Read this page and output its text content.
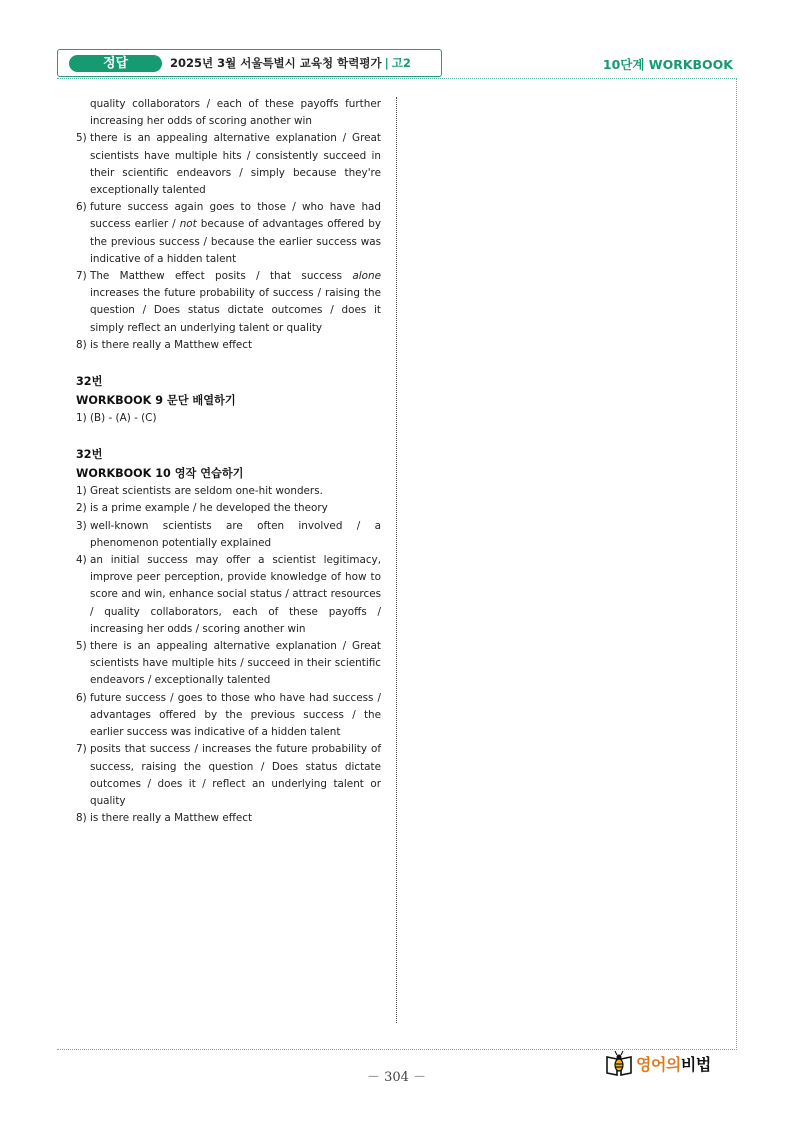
정답	2025년 3월 서울특별시 교육청 학력평가 | 고2	10단계 WORKBOOK
quality collaborators / each of these payoffs further increasing her odds of scoring another win
5) there is an appealing alternative explanation / Great scientists have multiple hits / consistently succeed in their scientific endeavors / simply because they're exceptionally talented
6) future success again goes to those / who have had success earlier / not because of advantages offered by the previous success / because the earlier success was indicative of a hidden talent
7) The Matthew effect posits / that success alone increases the future probability of success / raising the question / Does status dictate outcomes / does it simply reflect an underlying talent or quality
8) is there really a Matthew effect
32번
WORKBOOK 9 문단 배열하기
1) (B) - (A) - (C)
32번
WORKBOOK 10 영작 연습하기
1) Great scientists are seldom one-hit wonders.
2) is a prime example / he developed the theory
3) well-known scientists are often involved / a phenomenon potentially explained
4) an initial success may offer a scientist legitimacy, improve peer perception, provide knowledge of how to score and win, enhance social status / attract resources / quality collaborators, each of these payoffs / increasing her odds / scoring another win
5) there is an appealing alternative explanation / Great scientists have multiple hits / succeed in their scientific endeavors / exceptionally talented
6) future success / goes to those who have had success / advantages offered by the previous success / the earlier success was indicative of a hidden talent
7) posits that success / increases the future probability of success, raising the question / Does status dictate outcomes / does it / reflect an underlying talent or quality
8) is there really a Matthew effect
－ 304 －
영어의비법
